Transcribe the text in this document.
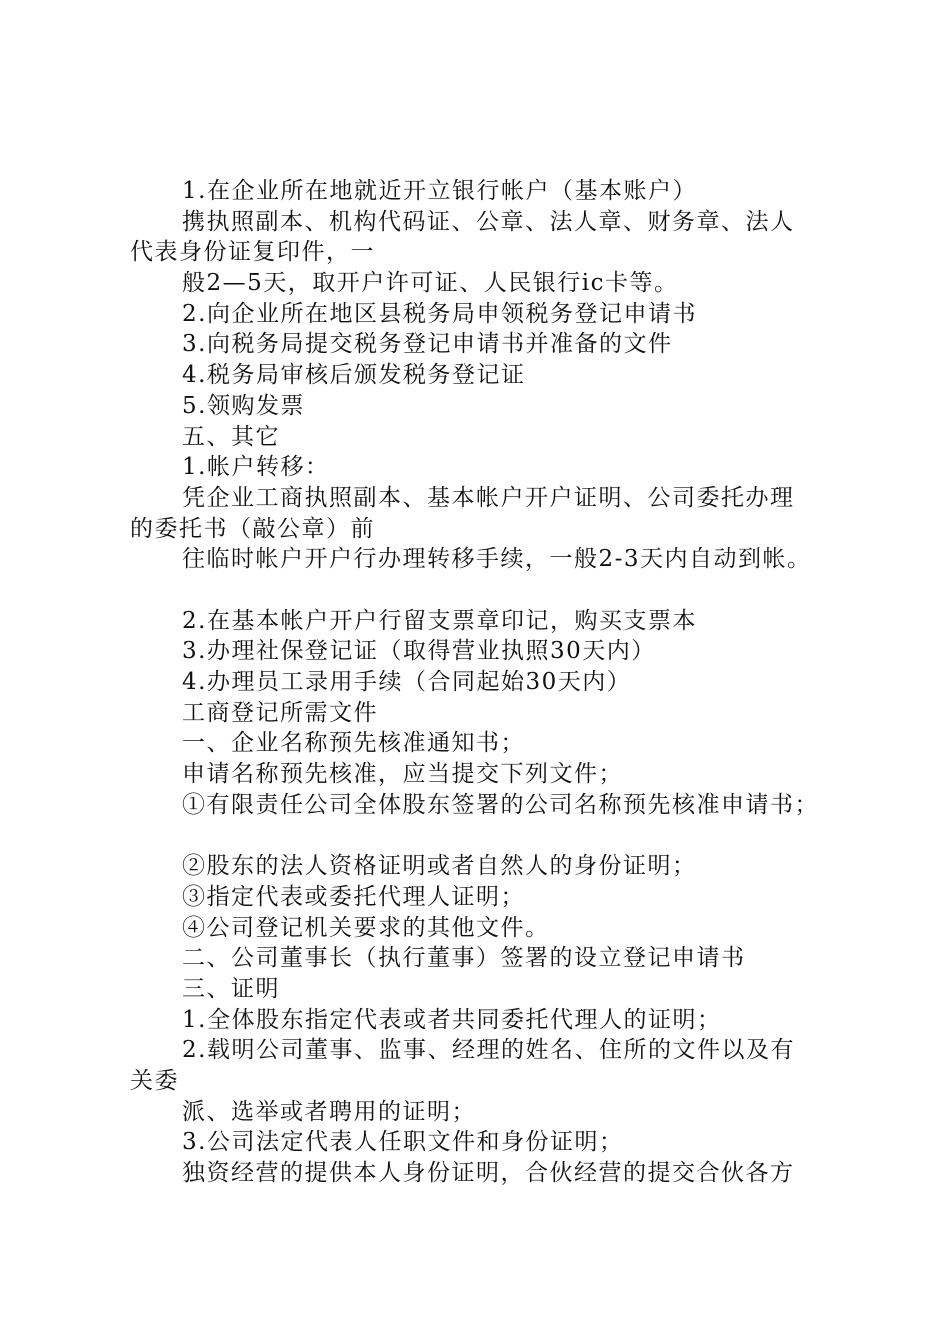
1.在企业所在地就近开立银行帐户（基本账户）
携执照副本、机构代码证、公章、法人章、财务章、法人
代表身份证复印件，一
般2—5天，取开户许可证、人民银行ic卡等。
2.向企业所在地区县税务局申领税务登记申请书
3.向税务局提交税务登记申请书并准备的文件
4.税务局审核后颁发税务登记证
5.领购发票
五、其它
1.帐户转移：
凭企业工商执照副本、基本帐户开户证明、公司委托办理
的委托书（敲公章）前
往临时帐户开户行办理转移手续，一般2-3天内自动到帐。
2.在基本帐户开户行留支票章印记，购买支票本
3.办理社保登记证（取得营业执照30天内）
4.办理员工录用手续（合同起始30天内）
工商登记所需文件
一、企业名称预先核准通知书；
申请名称预先核准，应当提交下列文件；
①有限责任公司全体股东签署的公司名称预先核准申请书；
②股东的法人资格证明或者自然人的身份证明；
③指定代表或委托代理人证明；
④公司登记机关要求的其他文件。
二、公司董事长（执行董事）签署的设立登记申请书
三、证明
1.全体股东指定代表或者共同委托代理人的证明；
2.载明公司董事、监事、经理的姓名、住所的文件以及有
关委
派、选举或者聘用的证明；
3.公司法定代表人任职文件和身份证明；
独资经营的提供本人身份证明，合伙经营的提交合伙各方
